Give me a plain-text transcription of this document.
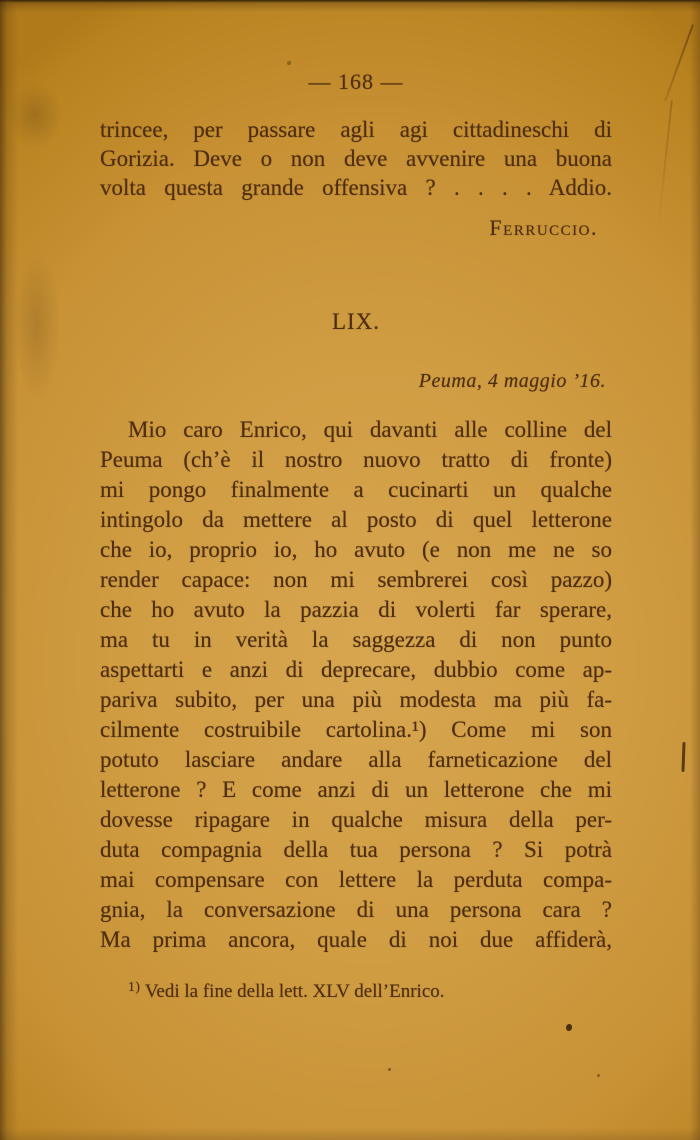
— 168 —
trincee, per passare agli agi cittadineschi di
Gorizia. Deve o non deve avvenire una buona
volta questa grande offensiva ? . . . . Addio.
Ferruccio.
LIX.
Peuma, 4 maggio ’16.
Mio caro Enrico, qui davanti alle colline del
Peuma (ch’è il nostro nuovo tratto di fronte)
mi pongo finalmente a cucinarti un qualche
intingolo da mettere al posto di quel letterone
che io, proprio io, ho avuto (e non me ne so
render capace: non mi sembrerei così pazzo)
che ho avuto la pazzia di volerti far sperare,
ma tu in verità la saggezza di non punto
aspettarti e anzi di deprecare, dubbio come ap-
pariva subito, per una più modesta ma più fa-
cilmente costruibile cartolina.¹) Come mi son
potuto lasciare andare alla farneticazione del
letterone ? E come anzi di un letterone che mi
dovesse ripagare in qualche misura della per-
duta compagnia della tua persona ? Si potrà
mai compensare con lettere la perduta compa-
gnia, la conversazione di una persona cara ?
Ma prima ancora, quale di noi due affiderà,
$^{1)}$ Vedi la fine della lett. XLV dell’Enrico.
